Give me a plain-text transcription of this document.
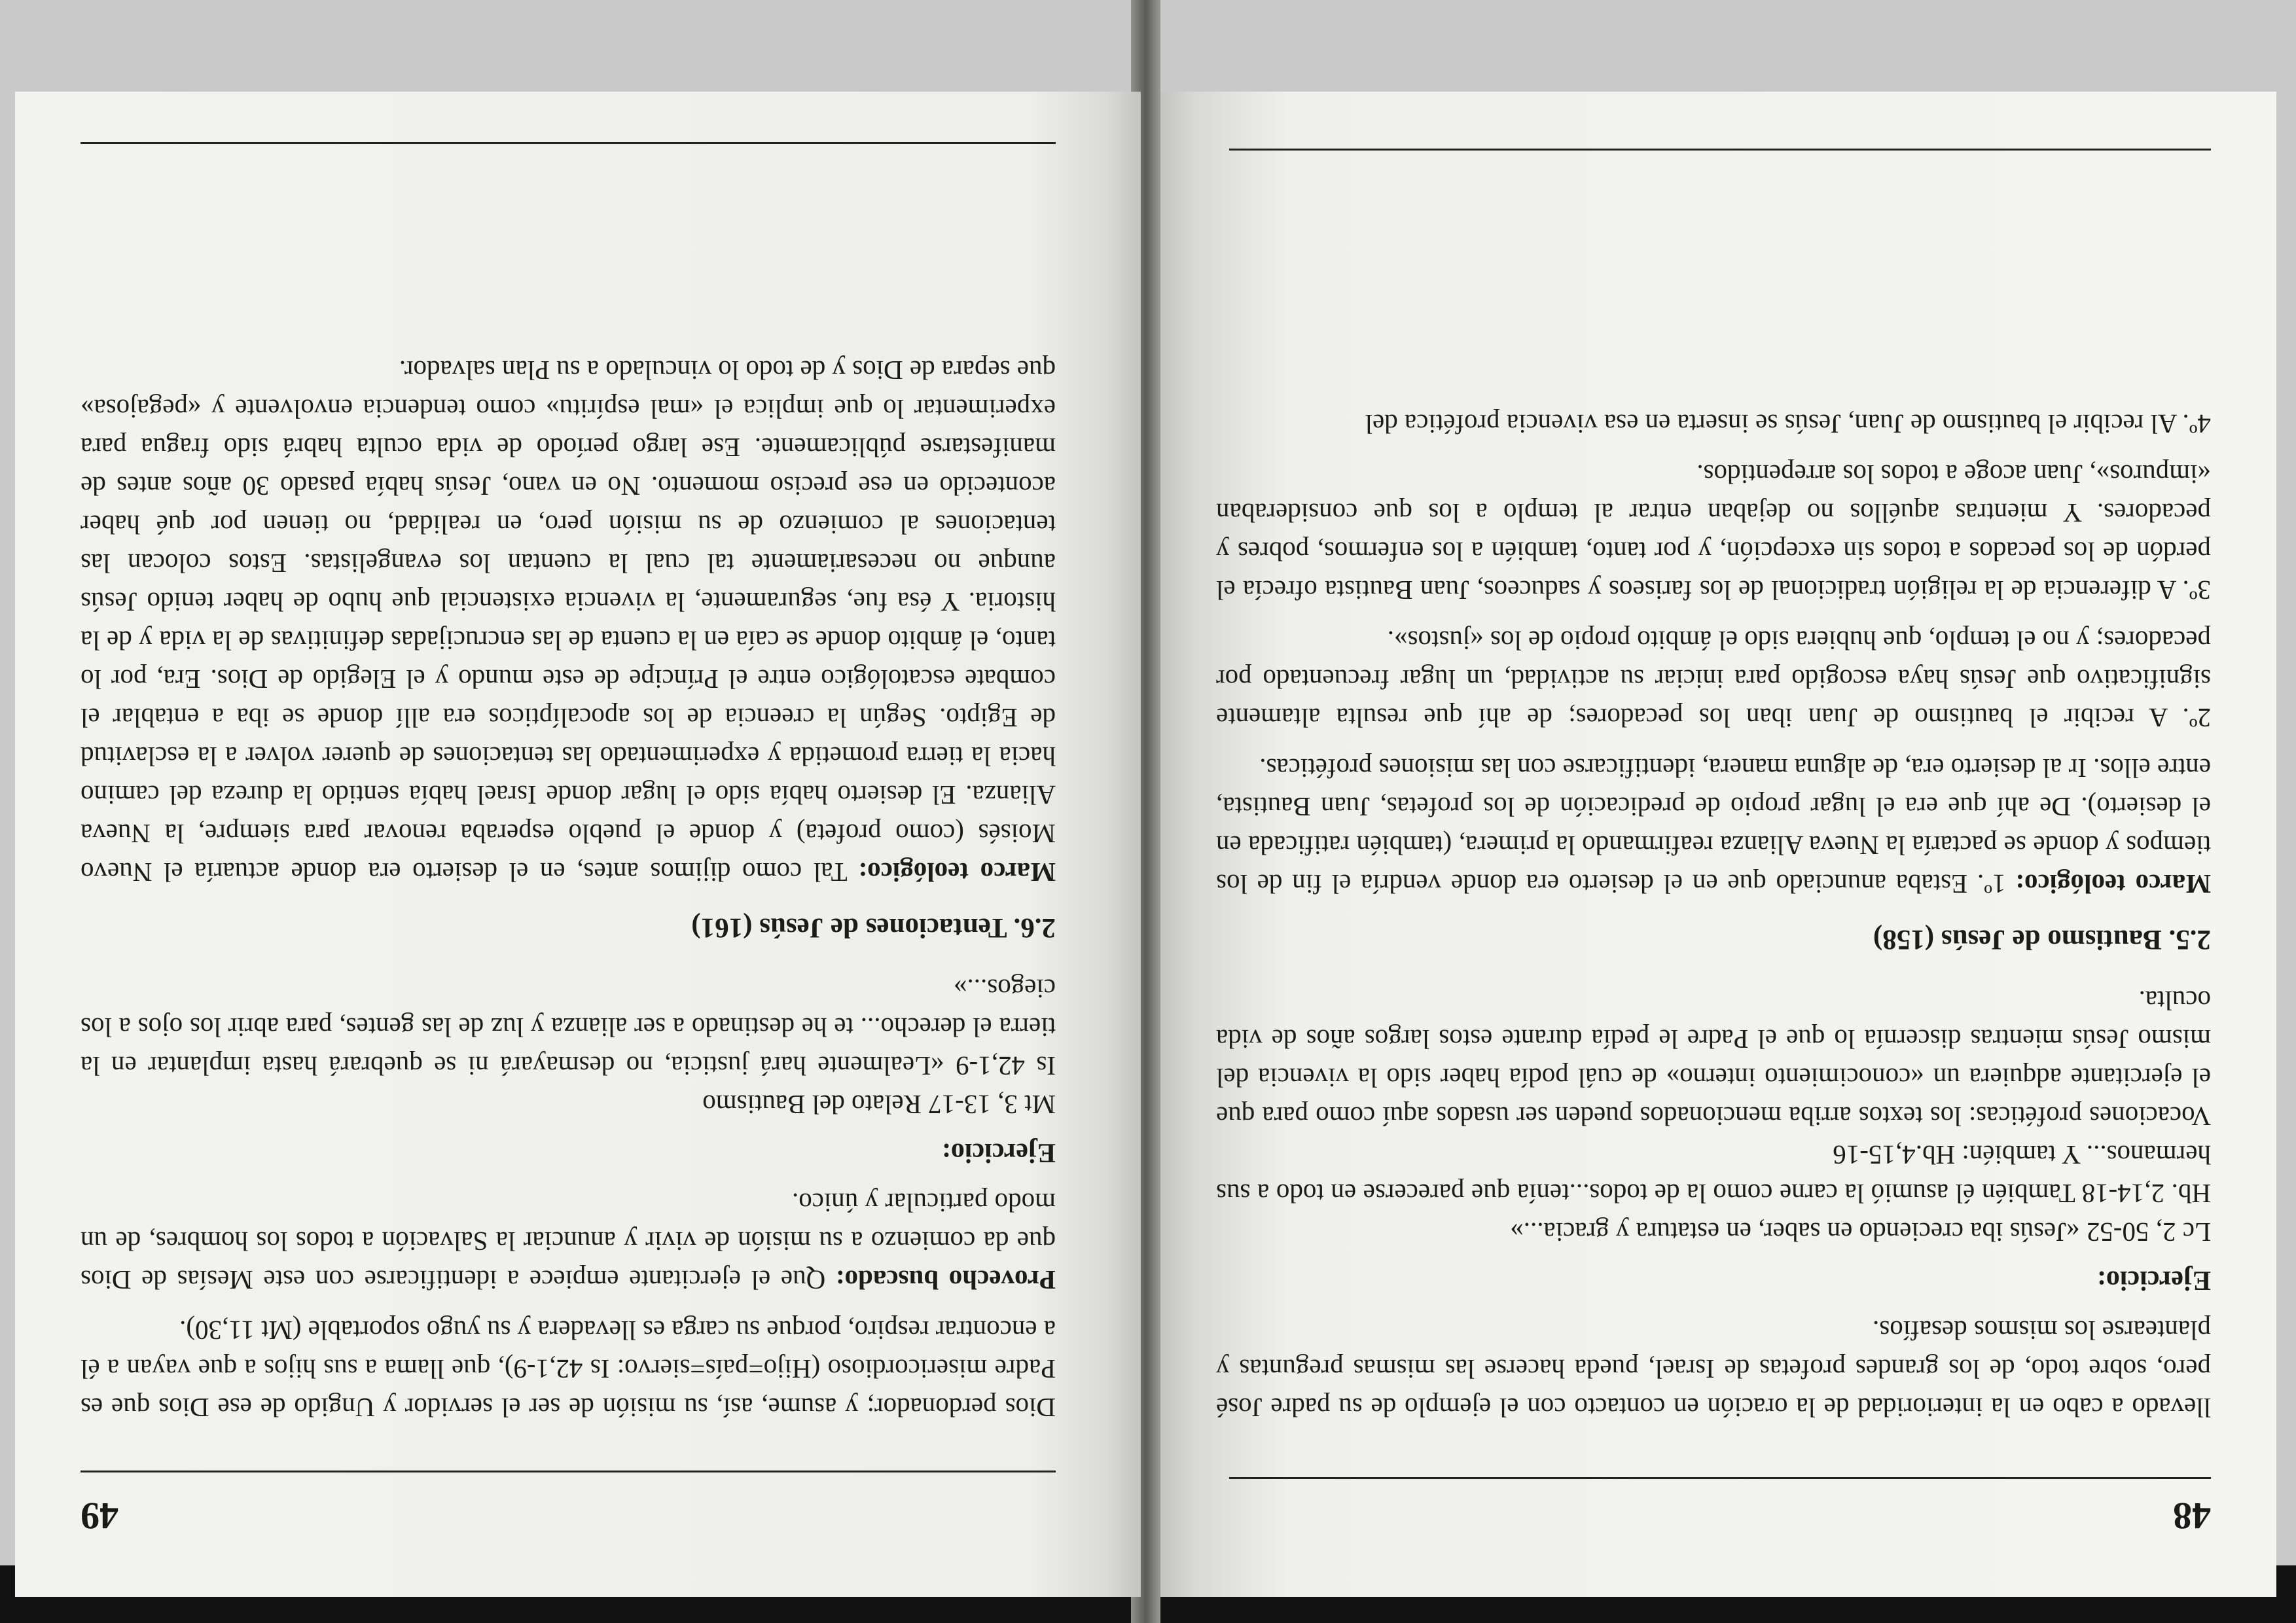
48

llevado a cabo en la interioridad de la oración en contacto con el ejemplo de su padre José pero, sobre todo, de los grandes profetas de Israel, pueda hacerse las mismas preguntas y plantearse los mismos desafíos.

Ejercicio:

Lc 2, 50-52 «Jesús iba creciendo en saber, en estatura y gracia...»

Hb. 2,14-18 También él asumió la carne como la de todos...tenía que parecerse en todo a sus hermanos... Y también: Hb.4,15-16

Vocaciones proféticas: los textos arriba mencionados pueden ser usados aquí como para que el ejercitante adquiera un «conocimiento interno» de cuál podía haber sido la vivencia del mismo Jesús mientras discernía lo que el Padre le pedía durante estos largos años de vida oculta.

2.5. Bautismo de Jesús (158)

Marco teológico: 1º. Estaba anunciado que en el desierto era donde vendría el fin de los tiempos y donde se pactaría la Nueva Alianza reafirmando la primera, (también ratificada en el desierto). De ahí que era el lugar propio de predicación de los profetas, Juan Bautista, entre ellos. Ir al desierto era, de alguna manera, identificarse con las misiones proféticas.

2º. A recibir el bautismo de Juan iban los pecadores; de ahí que resulta altamente significativo que Jesús haya escogido para iniciar su actividad, un lugar frecuentado por pecadores; y no el templo, que hubiera sido el ámbito propio de los «justos».

3º. A diferencia de la religión tradicional de los fariseos y saduceos, Juan Bautista ofrecía el perdón de los pecados a todos sin excepción, y por tanto, también a los enfermos, pobres y pecadores. Y mientras aquéllos no dejaban entrar al templo a los que consideraban «impuros», Juan acoge a todos los arrepentidos.

4º. Al recibir el bautismo de Juan, Jesús se inserta en esa vivencia profética del

49

Dios perdonador; y asume, así, su misión de ser el servidor y Ungido de ese Dios que es Padre misericordioso (Hijo=país=siervo: Is 42,1-9), que llama a sus hijos a que vayan a él a encontrar respiro, porque su carga es llevadera y su yugo soportable (Mt 11,30).

Provecho buscado: Que el ejercitante empiece a identificarse con este Mesías de Dios que da comienzo a su misión de vivir y anunciar la Salvación a todos los hombres, de un modo particular y único.

Ejercicio:

Mt 3, 13-17 Relato del Bautismo

Is 42,1-9 «Lealmente hará justicia, no desmayará ni se quebrará hasta implantar en la tierra el derecho... te he destinado a ser alianza y luz de las gentes, para abrir los ojos a los ciegos...»

2.6. Tentaciones de Jesús (161)

Marco teológico: Tal como dijimos antes, en el desierto era donde actuaría el Nuevo Moisés (como profeta) y donde el pueblo esperaba renovar para siempre, la Nueva Alianza. El desierto había sido el lugar donde Israel había sentido la dureza del camino hacia la tierra prometida y experimentado las tentaciones de querer volver a la esclavitud de Egipto. Según la creencia de los apocalípticos era allí donde se iba a entablar el combate escatológico entre el Príncipe de este mundo y el Elegido de Dios. Era, por lo tanto, el ámbito donde se caía en la cuenta de las encrucijadas definitivas de la vida y de la historia. Y ésa fue, seguramente, la vivencia existencial que hubo de haber tenido Jesús aunque no necesariamente tal cual la cuentan los evangelistas. Estos colocan las tentaciones al comienzo de su misión pero, en realidad, no tienen por qué haber acontecido en ese preciso momento. No en vano, Jesús había pasado 30 años antes de manifestarse públicamente. Ese largo período de vida oculta habrá sido fragua para experimentar lo que implica el «mal espíritu» como tendencia envolvente y «pegajosa» que separa de Dios y de todo lo vinculado a su Plan salvador.
